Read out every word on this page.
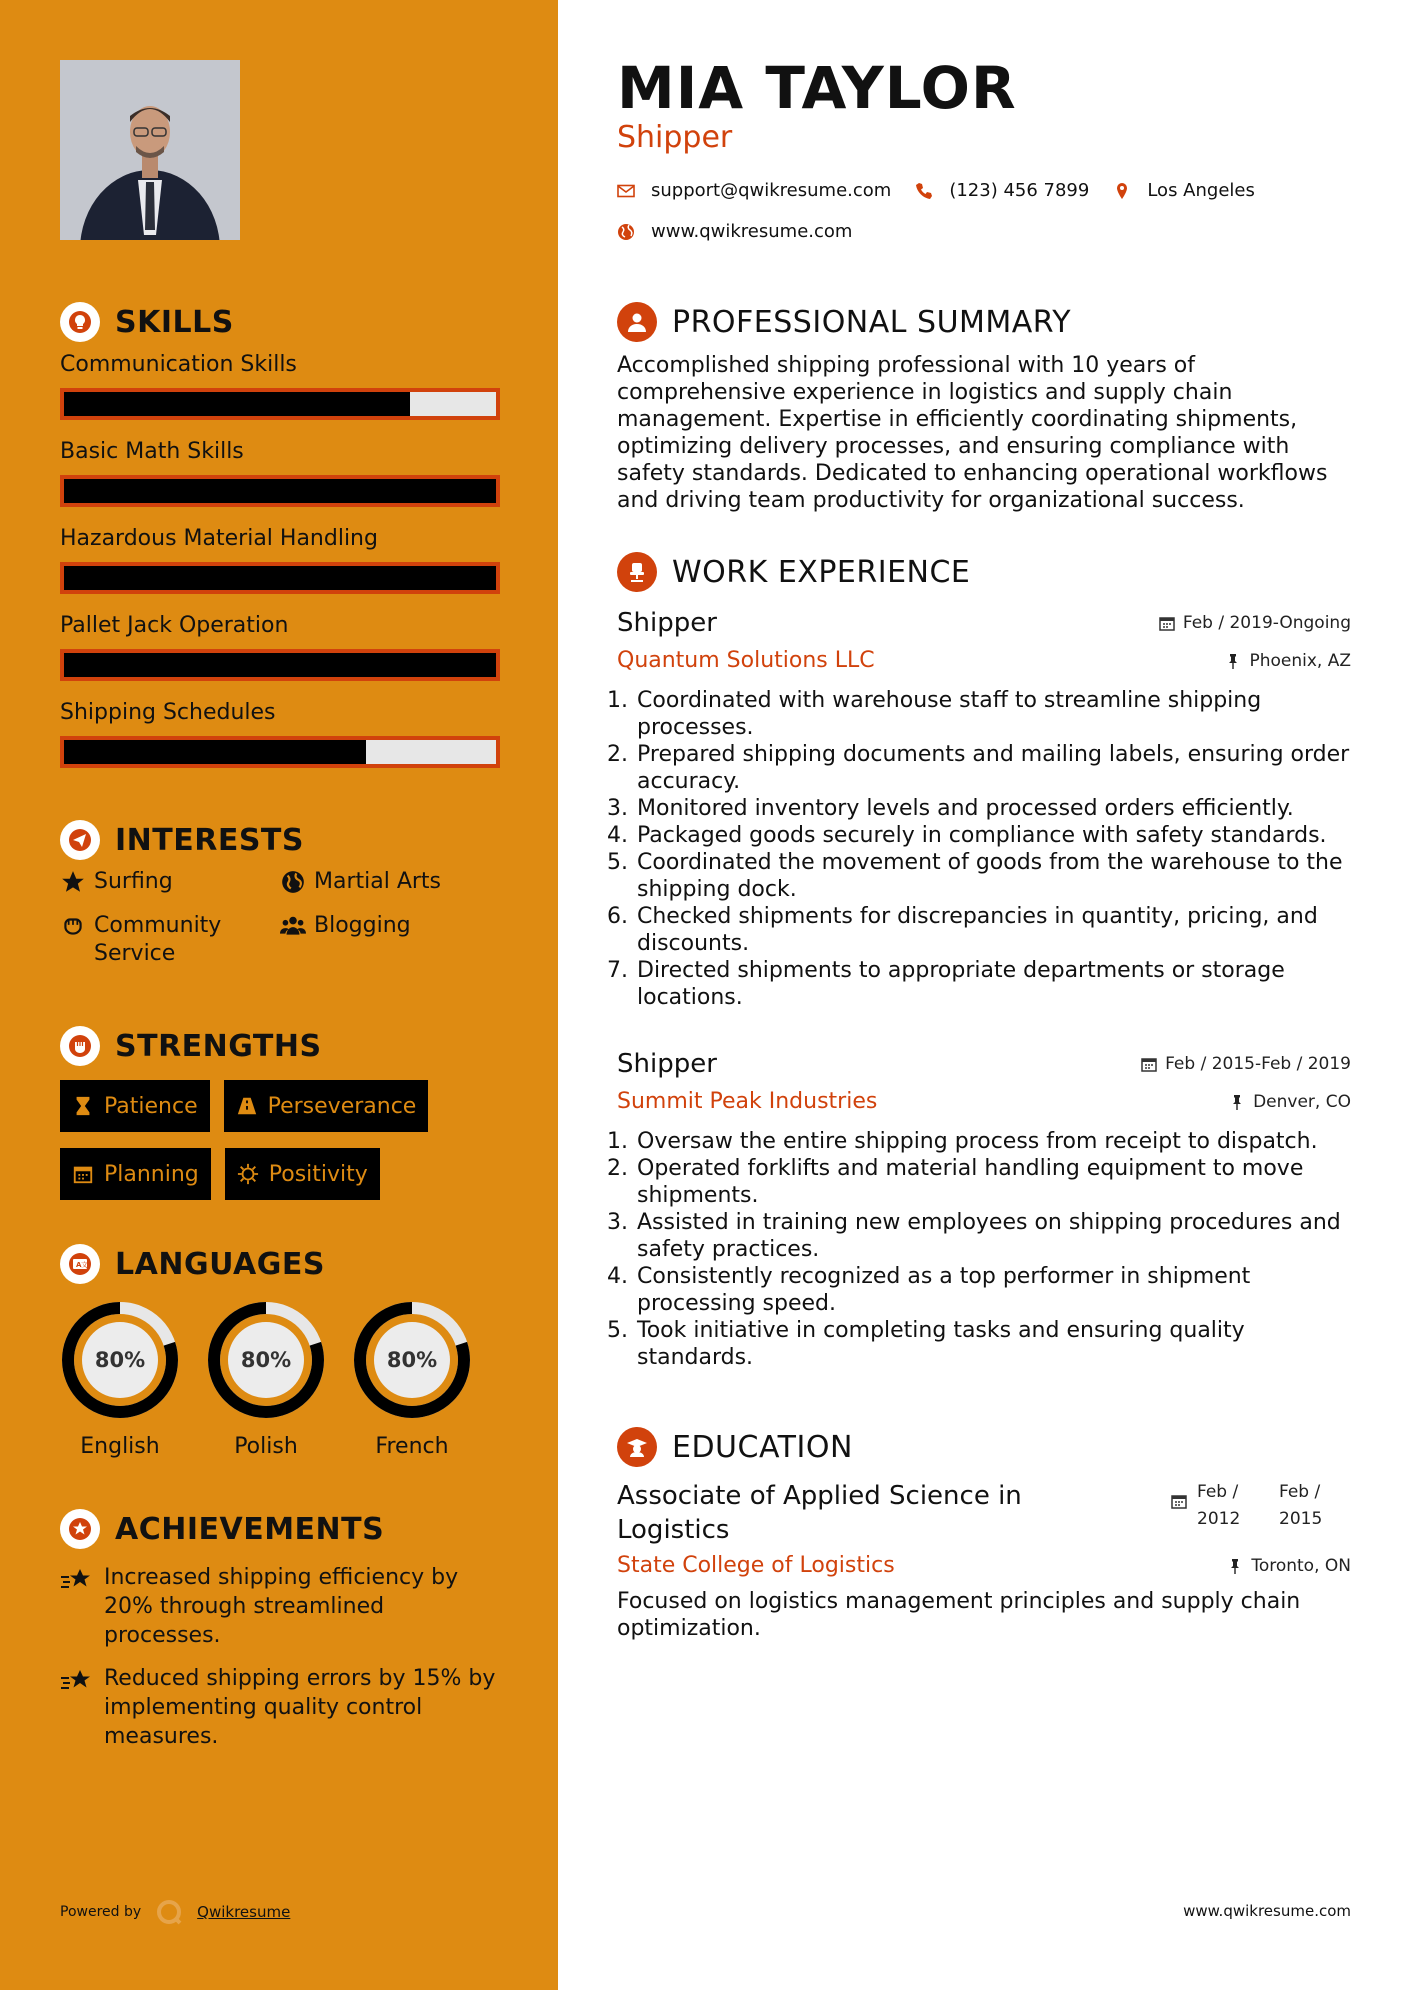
SKILLS
Communication Skills
Basic Math Skills
Hazardous Material Handling
Pallet Jack Operation
Shipping Schedules
INTERESTS
Surfing	Martial Arts
Community Service
Blogging
STRENGTHS
Patience	Perseverance
Planning	Positivity
A 文 LANGUAGES
80%
English
80%
Polish
80%
French
ACHIEVEMENTS
Increased shipping efficiency by 20% through streamlined processes.
Reduced shipping errors by 15% by implementing quality control measures.
Powered by	Qwikresume
MIA TAYLOR
Shipper
support@qwikresume.com	(123) 456 7899	Los Angeles
www.qwikresume.com
PROFESSIONAL SUMMARY
Accomplished shipping professional with 10 years of comprehensive experience in logistics and supply chain management. Expertise in efficiently coordinating shipments, optimizing delivery processes, and ensuring compliance with safety standards. Dedicated to enhancing operational workflows and driving team productivity for organizational success.
WORK EXPERIENCE
Shipper	Feb / 2019-Ongoing
Quantum Solutions LLC	Phoenix, AZ
1. Coordinated with warehouse staff to streamline shipping processes.
2. Prepared shipping documents and mailing labels, ensuring order accuracy.
3. Monitored inventory levels and processed orders efficiently.
4. Packaged goods securely in compliance with safety standards.
5. Coordinated the movement of goods from the warehouse to the shipping dock.
6. Checked shipments for discrepancies in quantity, pricing, and discounts.
7. Directed shipments to appropriate departments or storage locations.
Shipper	Feb / 2015-Feb / 2019
Summit Peak Industries	Denver, CO
1. Oversaw the entire shipping process from receipt to dispatch.
2. Operated forklifts and material handling equipment to move shipments.
3. Assisted in training new employees on shipping procedures and safety practices.
4. Consistently recognized as a top performer in shipment processing speed.
5. Took initiative in completing tasks and ensuring quality standards.
EDUCATION
Associate of Applied Science in Logistics
Feb /
2012
Feb /
2015
State College of Logistics	Toronto, ON
Focused on logistics management principles and supply chain optimization.
www.qwikresume.com
